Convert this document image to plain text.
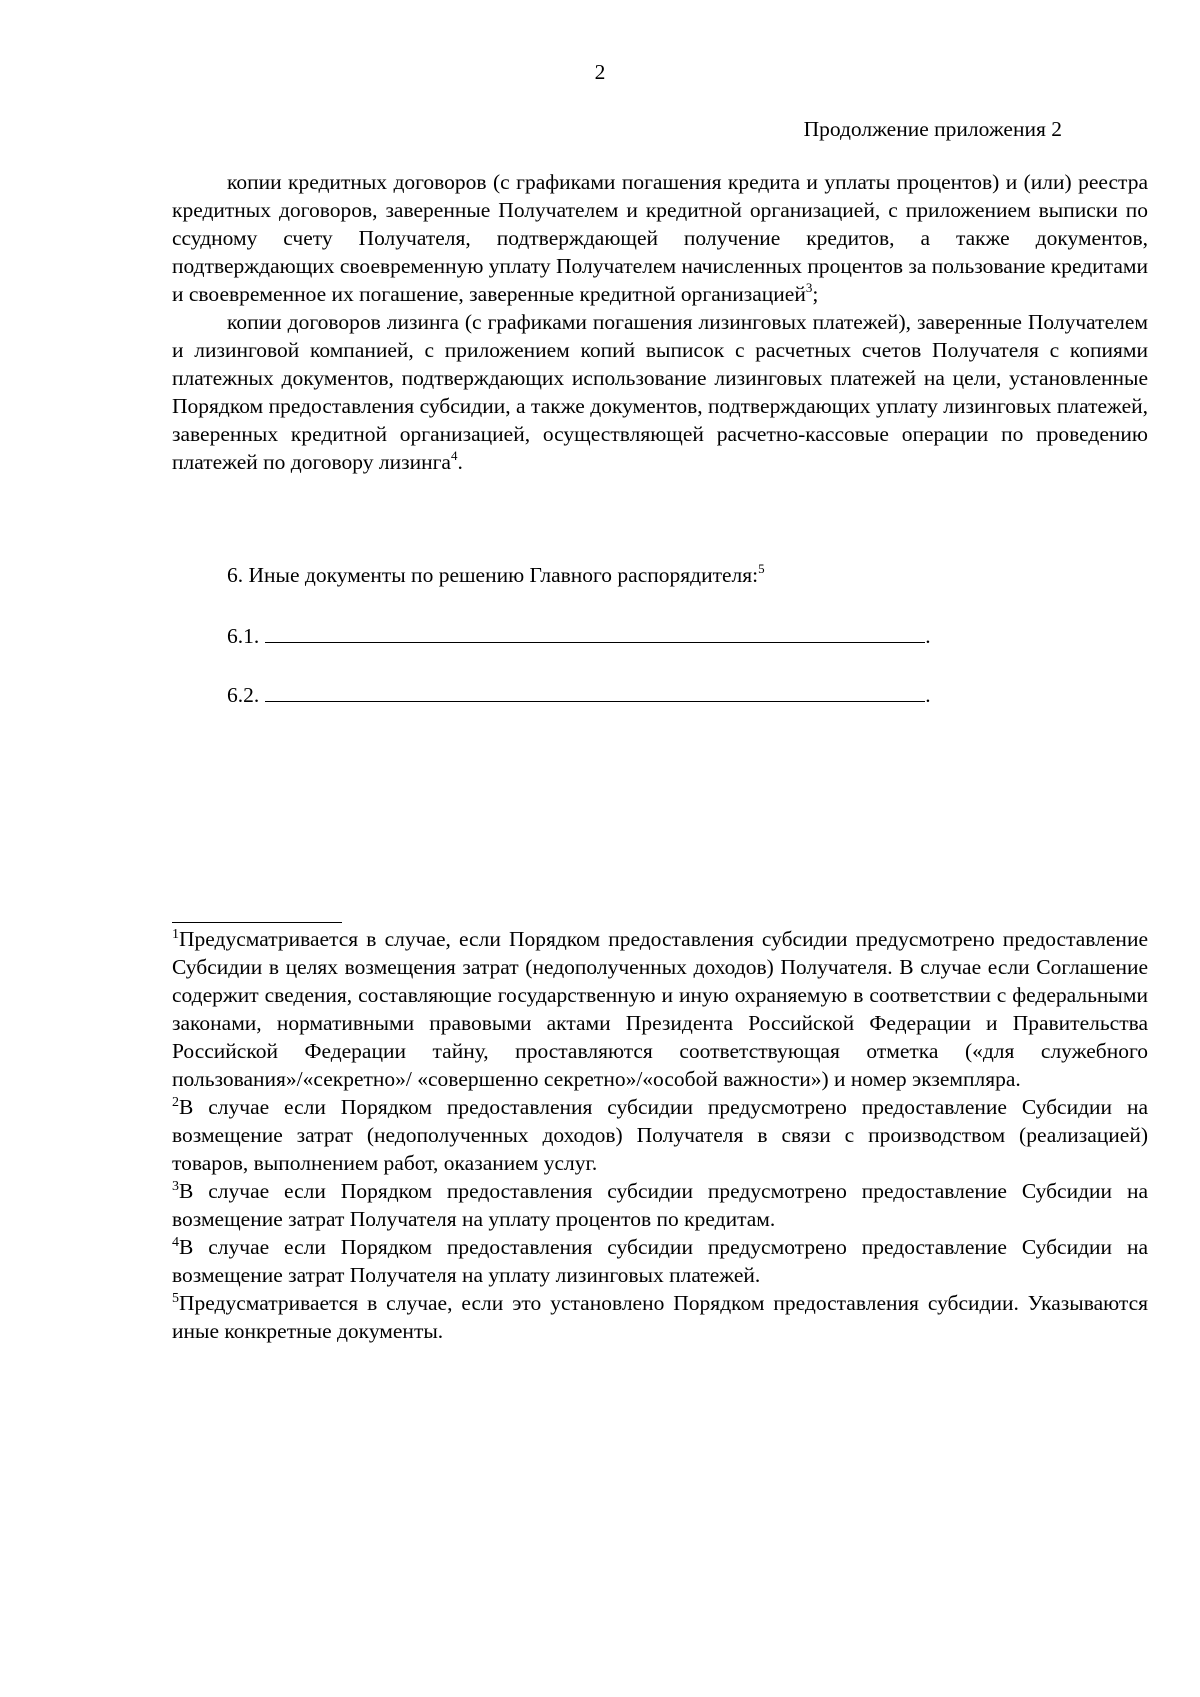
2
Продолжение приложения 2

копии кредитных договоров (с графиками погашения кредита и уплаты процентов) и (или) реестра кредитных договоров, заверенные Получателем и кредитной организацией, с приложением выписки по ссудному счету Получателя, подтверждающей получение кредитов, а также документов, подтверждающих своевременную уплату Получателем начисленных процентов за пользование кредитами и своевременное их погашение, заверенные кредитной организацией$^3$;

копии договоров лизинга (с графиками погашения лизинговых платежей), заверенные Получателем и лизинговой компанией, с приложением копий выписок с расчетных счетов Получателя с копиями платежных документов, подтверждающих использование лизинговых платежей на цели, установленные Порядком предоставления субсидии, а также документов, подтверждающих уплату лизинговых платежей, заверенных кредитной организацией, осуществляющей расчетно-кассовые операции по проведению платежей по договору лизинга$^4$.

6. Иные документы по решению Главного распорядителя:$^5$
6.1.	.
6.2.	.

$^1$Предусматривается в случае, если Порядком предоставления субсидии предусмотрено предоставление Субсидии в целях возмещения затрат (недополученных доходов) Получателя. В случае если Соглашение содержит сведения, составляющие государственную и иную охраняемую в соответствии с федеральными законами, нормативными правовыми актами Президента Российской Федерации и Правительства Российской Федерации тайну, проставляются соответствующая отметка («для служебного пользования»/«секретно»/ «совершенно секретно»/«особой важности») и номер экземпляра.

$^2$В случае если Порядком предоставления субсидии предусмотрено предоставление Субсидии на возмещение затрат (недополученных доходов) Получателя в связи с производством (реализацией) товаров, выполнением работ, оказанием услуг.

$^3$В случае если Порядком предоставления субсидии предусмотрено предоставление Субсидии на возмещение затрат Получателя на уплату процентов по кредитам.

$^4$В случае если Порядком предоставления субсидии предусмотрено предоставление Субсидии на возмещение затрат Получателя на уплату лизинговых платежей.

$^5$Предусматривается в случае, если это установлено Порядком предоставления субсидии. Указываются иные конкретные документы.
